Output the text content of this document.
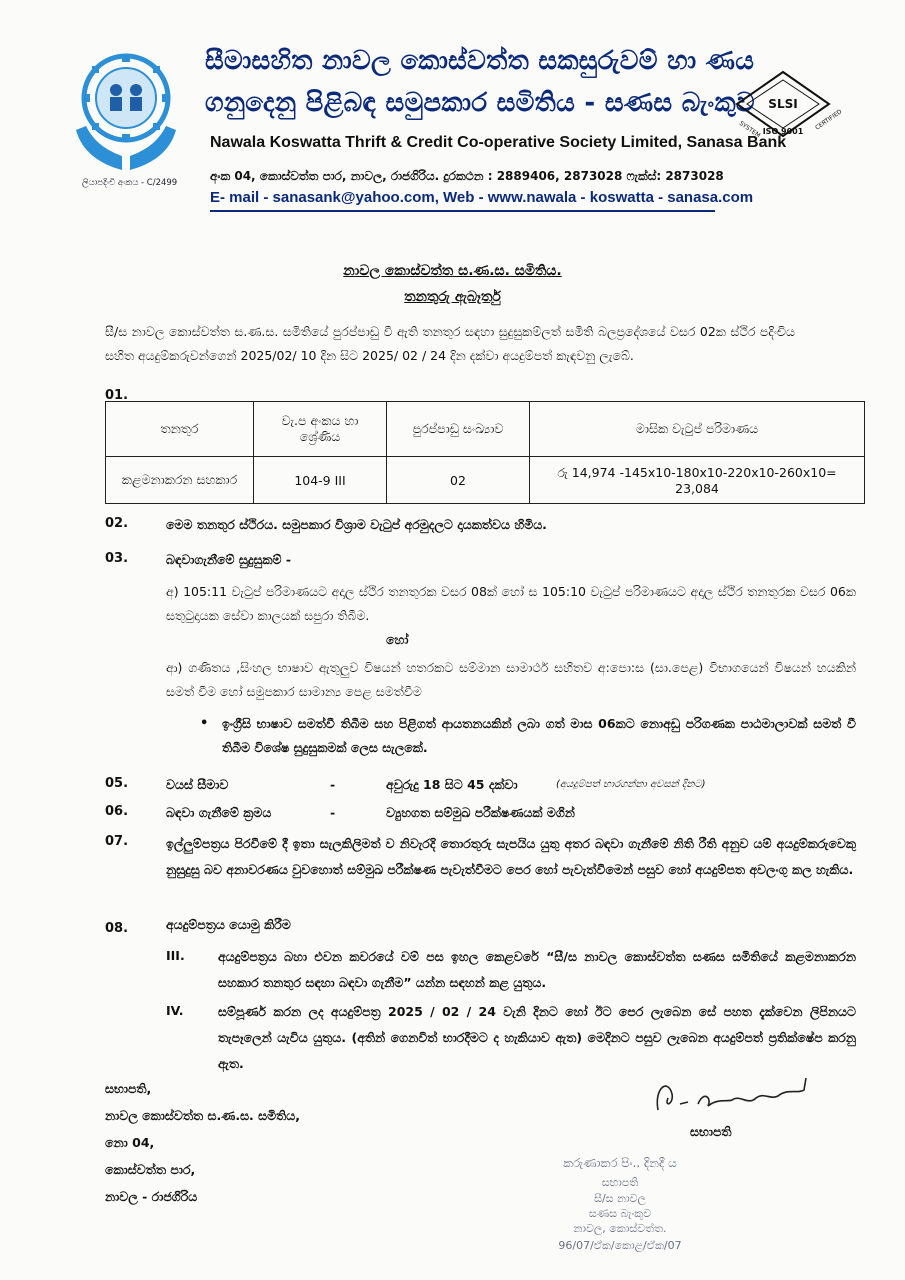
ලියාපදිංචි අංකය - C/2499
සීමාසහිත නාවල කොස්වත්ත සකසුරුවම් හා ණය
ගනුදෙනු පිළිබඳ සමුපකාර සමිතිය - සණස බැංකුව
Nawala Koswatta Thrift & Credit Co-operative Society Limited, Sanasa Bank
අංක 04, කොස්වත්ත පාර, නාවල, රාජගිරිය. දුරකථන : 2889406, 2873028 ෆැක්ස්: 2873028
E- mail - sanasank@yahoo.com, Web - www.nawala - koswatta - sanasa.com
SLSI
ISO 9001
SYSTEM	CERTIFIED
නාවල කොස්වත්ත ස.ණ.ස. සමිතිය.
තනතුරු ඇබෑර්තු
සී/ස නාවල කොස්වත්ත ස.ණ.ස. සමිතියේ පුරප්පාඩු වී ඇති තනතුර සඳහා සුදුසුකම්ලත් සමිති බලප්‍රදේශයේ වසර 02ක ස්ථිර පදිංචිය සහිත අයදුම්කරුවන්ගෙන් 2025/02/ 10 දින සිට 2025/ 02 / 24 දින දක්වා අයදුම්පත් කැඳවනු ලැබේ.
01.
තනතුර	වැ.ප අංකය හා ශ්‍රේණිය	පුරප්පාඩු සංඛ්‍යාව	මාසික වැටුප් පරිමාණය
කළමනාකරන සහකාර	104-9 III	02	රු 14,974 -145x10-180x10-220x10-260x10= 23,084
02.	මෙම තනතුර ස්ථිරය. සමුපකාර විශ්‍රාම වැටුප් අරමුදලට දායකත්වය හිමිය.
03.	බඳවාගැනීමේ සුදුසුකම් -
අ) 105:11 වැටුප් පරිමාණයට අදාල ස්ථිර තනතුරක වසර 08ක් හෝ ස 105:10 වැටුප් පරිමාණයට අදාල ස්ථිර තනතුරක වසර 06ක සතුටුදායක සේවා කාලයක් සපුරා තිබීම.
හෝ
ආ) ගණිතය ,සිංහල භාෂාව ඇතුලුව විෂයන් හතරකට සම්මාන සාමාර්ථ සහිතව අ:පො:ස (සා.පෙළ) විභාගයෙන් විෂයන් හයකින් සමත් වීම හෝ සමුපකාර සාමාන්‍ය පෙළ සමත්වීම
• ඉංග්‍රීසි භාෂාව සමත්වී තිබීම සහ පිළිගත් ආයතනයකින් ලබා ගත් මාස 06කට නොඅඩු පරිගණක පාඨමාලාවක් සමත් වී තිබීම විශේෂ සුදුසුකමක් ලෙස සැලකේ.
05.	වයස් සීමාව	-	අවුරුදු 18 සිට 45 දක්වා	(අයදුම්පත් භාරගන්නා අවසන් දිනට)
06.	බඳවා ගැනීමේ ක්‍රමය	-	ව්‍යුහගත සම්මුඛ පරීක්ෂණයක් මගින්
07.	ඉල්ලුම්පත්‍රය පිරවීමේ දී ඉතා සැලකිලිමත් ව නිවැරදි තොරතුරු සැපයිය යුතු අතර බඳවා ගැනීමේ නිති රීති අනුව යම් අයදුම්කරුවෙකු නුසුදුසු බව අනාවරණය වුවහොත් සම්මුඛ පරීක්ෂණ පැවැත්වීමට පෙර හෝ පැවැත්වීමෙන් පසුව හෝ අයදුම්පත අවලංගු කල හැකිය.
08.	අයදුම්පත්‍රය යොමු කිරීම
III.	අයදුම්පත්‍රය බහා එවන කවරයේ වම් පස ඉහල කෙළවරේ “සී/ස නාවල කොස්වත්ත සණස සමිතියේ කළමනාකරන සහකාර තනතුර සඳහා බඳවා ගැනීම” යන්න සඳහන් කළ යුතුය.
IV.	සම්පූර්ණ කරන ලද අයදුම්පත්‍ර 2025 / 02 / 24 වැනි දිනට හෝ ඊට පෙර ලැබෙන සේ පහත දැක්වෙන ලිපිනයට තැපෑලෙන් යැවිය යුතුය. (අතින් ගෙනවිත් භාරදීමට ද හැකියාව ඇත) මෙදිනට පසුව ලැබෙන අයදුම්පත් ප්‍රතික්ෂේප කරනු ඇත.
සභාපති,
නාවල කොස්වත්ත ස.ණ.ස. සමිතිය,
නො 04,
කොස්වත්ත පාර,
නාවල - රාජගිරිය
සභාපති
කරුණාකර පිං.. දිනදී ය
සභාපති
සී/ස නාවල
සණස බැංකුව
නාවල, කොස්වත්ත.
96/07/ඒක/කොළ/ඒක/07
